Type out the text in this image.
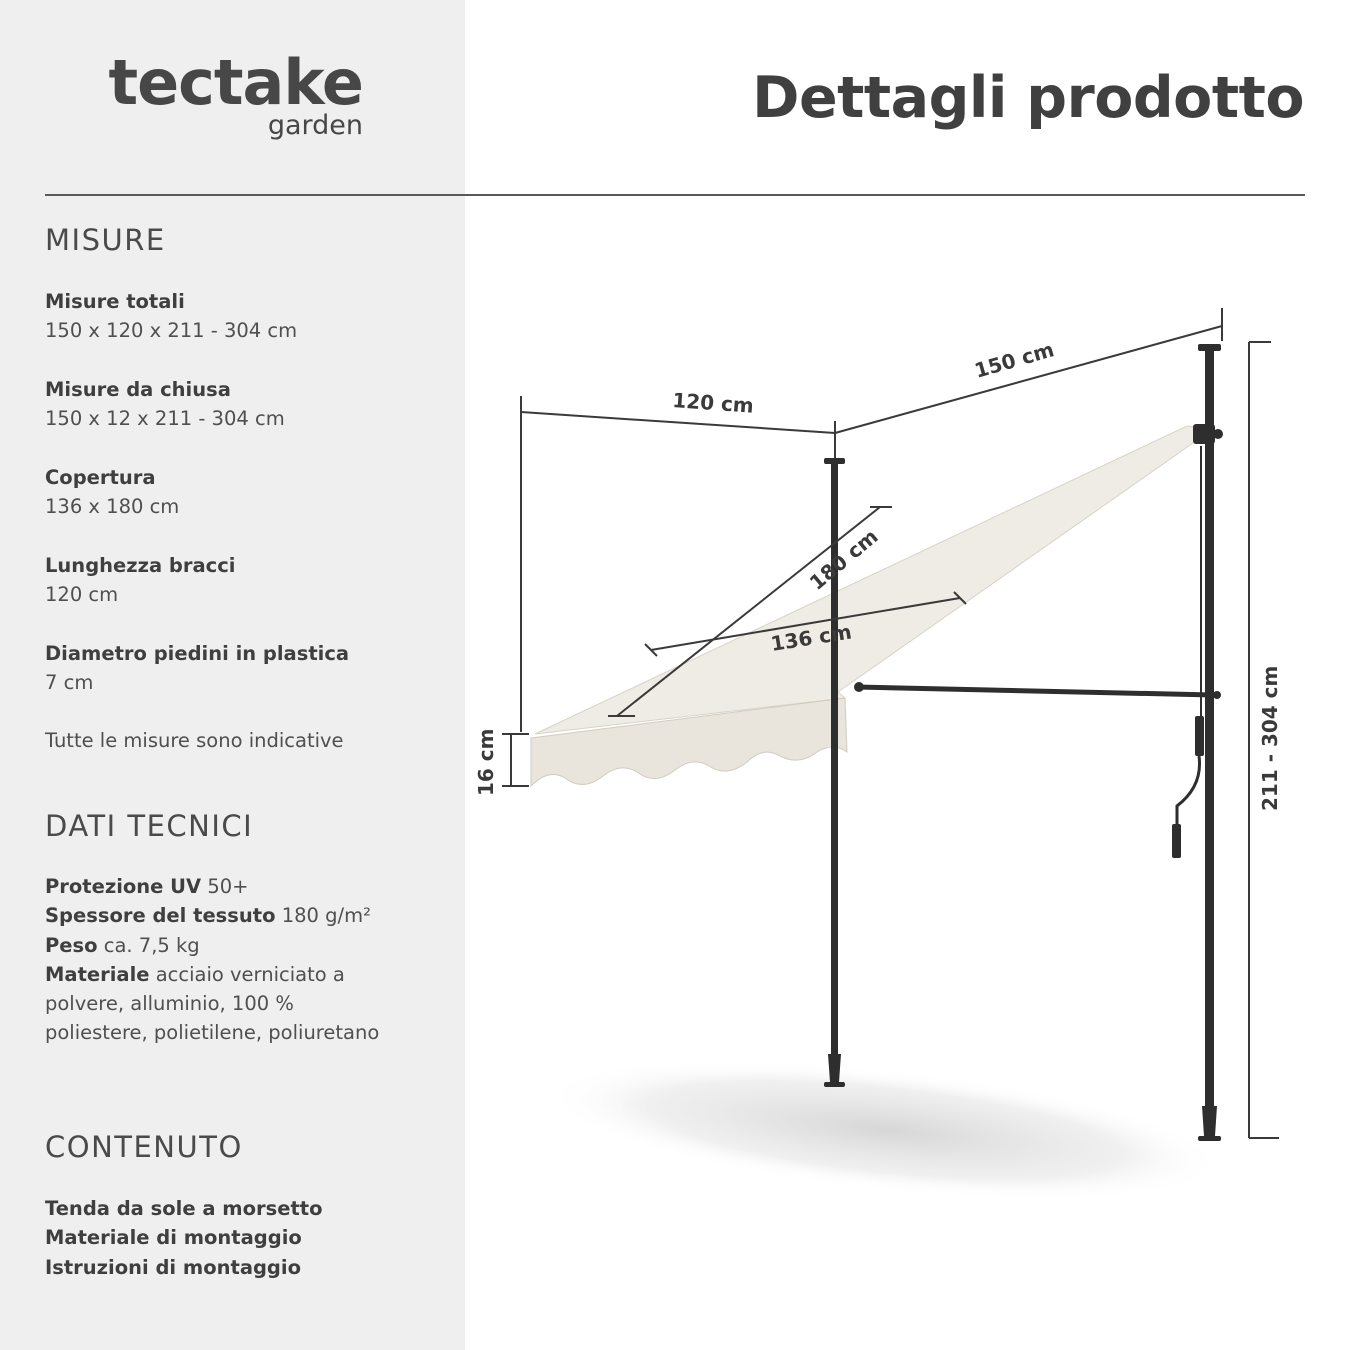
tectake
garden	Dettagli prodotto
MISURE
Misure totali
150 x 120 x 211 - 304 cm
Misure da chiusa
150 x 12 x 211 - 304 cm
Copertura
136 x 180 cm
Lunghezza bracci
120 cm
Diametro piedini in plastica
7 cm
Tutte le misure sono indicative
DATI TECNICI
Protezione UV 50+
Spessore del tessuto 180 g/m²
Peso ca. 7,5 kg
Materiale acciaio verniciato a polvere, alluminio, 100 % poliestere, polietilene, poliuretano
CONTENUTO
Tenda da sole a morsetto
Materiale di montaggio
Istruzioni di montaggio
120 cm
150 cm
180 cm
136 cm
16 cm	211 - 304 cm
